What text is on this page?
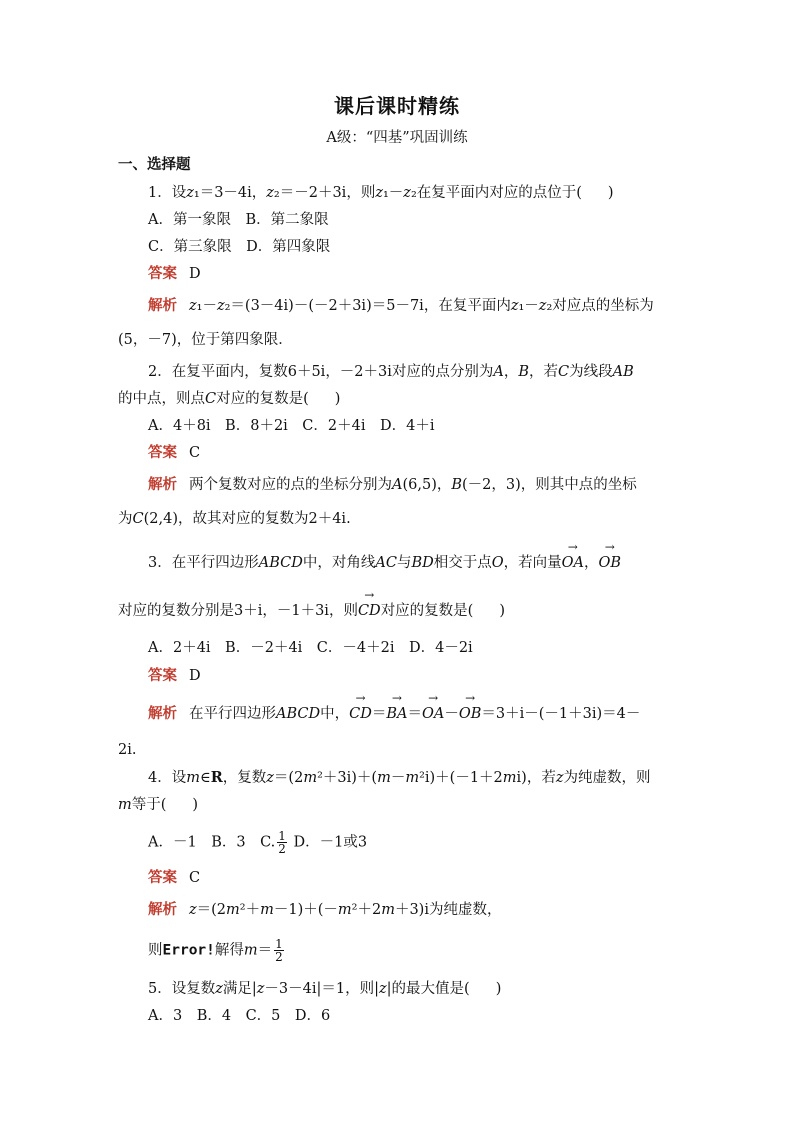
课后课时精练
A级：“四基”巩固训练
一、选择题
1．设z₁＝3－4i，z₂＝－2＋3i，则z₁－z₂在复平面内对应的点位于( )
A．第一象限　B．第二象限
C．第三象限　D．第四象限
答案 D
解析 z₁－z₂＝(3－4i)－(－2＋3i)＝5－7i，在复平面内z₁－z₂对应点的坐标为
(5，－7)，位于第四象限．
2．在复平面内，复数6＋5i，－2＋3i对应的点分别为A，B，若C为线段AB
的中点，则点C对应的复数是( )
A．4＋8i　B．8＋2i　C．2＋4i　D．4＋i
答案 C
解析 两个复数对应的点的坐标分别为A(6,5)，B(－2，3)，则其中点的坐标
为C(2,4)，故其对应的复数为2＋4i.
3．在平行四边形ABCD中，对角线AC与BD相交于点O，若向量→ OA，→ OB
对应的复数分别是3＋i，－1＋3i，则→ CD对应的复数是( )
A．2＋4i　B．－2＋4i　C．－4＋2i　D．4－2i
答案 D
解析 在平行四边形ABCD中，→ CD＝→ BA＝→ OA－→ OB＝3＋i－(－1＋3i)＝4－
2i.
4．设m∈R，复数z＝(2m²＋3i)＋(m－m²i)＋(－1＋2mi)，若z为纯虚数，则
m等于( )
A．－1　B．3　C. $\frac{1}{2}$ D．－1或3
答案 C
解析 z＝(2m²＋m－1)＋(－m²＋2m＋3)i为纯虚数，
则Error!解得$m= \frac{1}{2}$
5．设复数z满足|z－3－4i|＝1，则|z|的最大值是( )
A．3　B．4　C．5　D．6
